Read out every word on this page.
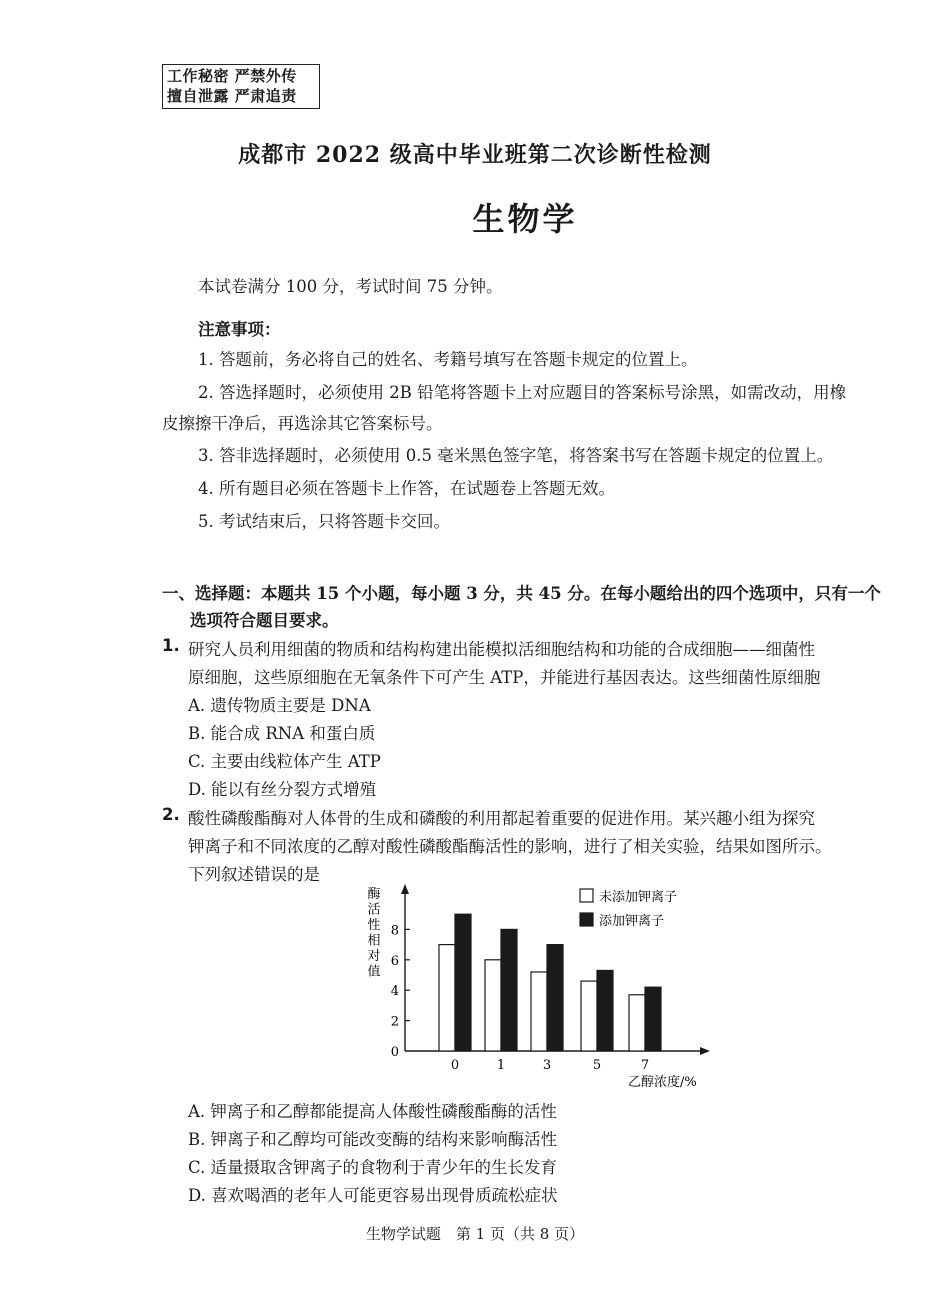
工作秘密 严禁外传
擅自泄露 严肃追责
成都市 2022 级高中毕业班第二次诊断性检测
生物学
本试卷满分 100 分，考试时间 75 分钟。
注意事项：
1. 答题前，务必将自己的姓名、考籍号填写在答题卡规定的位置上。
2. 答选择题时，必须使用 2B 铅笔将答题卡上对应题目的答案标号涂黑，如需改动，用橡
皮擦擦干净后，再选涂其它答案标号。
3. 答非选择题时，必须使用 0.5 毫米黑色签字笔，将答案书写在答题卡规定的位置上。
4. 所有题目必须在答题卡上作答，在试题卷上答题无效。
5. 考试结束后，只将答题卡交回。
一、选择题：本题共 15 个小题，每小题 3 分，共 45 分。在每小题给出的四个选项中，只有一个
选项符合题目要求。
1. 研究人员利用细菌的物质和结构构建出能模拟活细胞结构和功能的合成细胞——细菌性
原细胞，这些原细胞在无氧条件下可产生 ATP，并能进行基因表达。这些细菌性原细胞
A. 遗传物质主要是 DNA
B. 能合成 RNA 和蛋白质
C. 主要由线粒体产生 ATP
D. 能以有丝分裂方式增殖
2. 酸性磷酸酯酶对人体骨的生成和磷酸的利用都起着重要的促进作用。某兴趣小组为探究
钾离子和不同浓度的乙醇对酸性磷酸酯酶活性的影响，进行了相关实验，结果如图所示。
下列叙述错误的是
0
2
4
6
8
酶
活
性
相
对
值
0	1	3	5	7
乙醇浓度/%
未添加钾离子
添加钾离子
A. 钾离子和乙醇都能提高人体酸性磷酸酯酶的活性
B. 钾离子和乙醇均可能改变酶的结构来影响酶活性
C. 适量摄取含钾离子的食物利于青少年的生长发育
D. 喜欢喝酒的老年人可能更容易出现骨质疏松症状
生物学试题　第 1 页（共 8 页）
